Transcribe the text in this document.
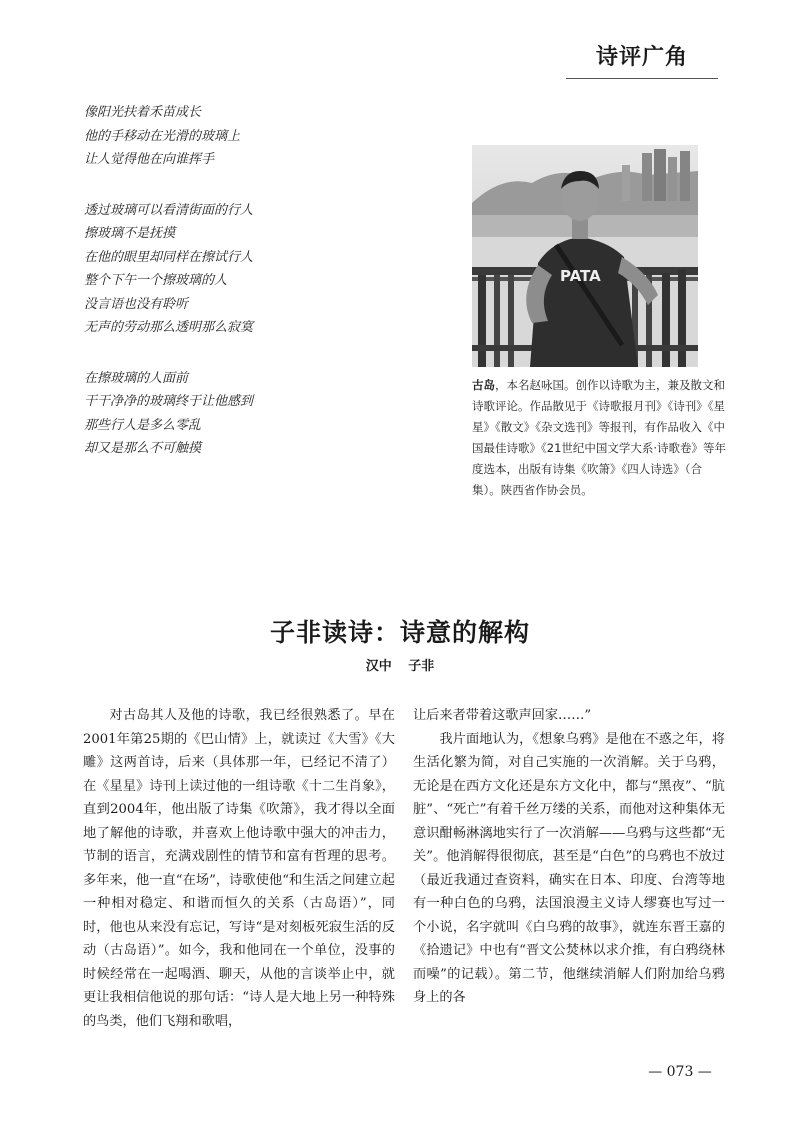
诗评广角
像阳光扶着禾苗成长
他的手移动在光滑的玻璃上
让人觉得他在向谁挥手
透过玻璃可以看清街面的行人
擦玻璃不是抚摸
在他的眼里却同样在擦试行人
整个下午一个擦玻璃的人
没言语也没有聆听
无声的劳动那么透明那么寂寞
在擦玻璃的人面前
干干净净的玻璃终于让他感到
那些行人是多么零乱
却又是那么不可触摸
PATA
古岛，本名赵咏国。创作以诗歌为主，兼及散文和诗歌评论。作品散见于《诗歌报月刊》《诗刊》《星星》《散文》《杂文选刊》等报刊，有作品收入《中国最佳诗歌》《21世纪中国文学大系·诗歌卷》等年度选本，出版有诗集《吹箫》《四人诗选》（合集）。陕西省作协会员。
子非读诗：诗意的解构
汉中 子非

对古岛其人及他的诗歌，我已经很熟悉了。早在2001年第25期的《巴山情》上，就读过《大雪》《大雕》这两首诗，后来（具体那一年，已经记不清了）在《星星》诗刊上读过他的一组诗歌《十二生肖象》，直到2004年，他出版了诗集《吹箫》，我才得以全面地了解他的诗歌，并喜欢上他诗歌中强大的冲击力，节制的语言，充满戏剧性的情节和富有哲理的思考。多年来，他一直“在场”，诗歌使他“和生活之间建立起一种相对稳定、和谐而恒久的关系（古岛语）”，同时，他也从来没有忘记，写诗“是对刻板死寂生活的反动（古岛语）”。如今，我和他同在一个单位，没事的时候经常在一起喝酒、聊天，从他的言谈举止中，就更让我相信他说的那句话：“诗人是大地上另一种特殊的鸟类，他们飞翔和歌唱，

让后来者带着这歌声回家……”

我片面地认为，《想象乌鸦》是他在不惑之年，将生活化繁为简，对自己实施的一次消解。关于乌鸦，无论是在西方文化还是东方文化中，都与“黑夜”、“肮脏”、“死亡”有着千丝万缕的关系，而他对这种集体无意识酣畅淋漓地实行了一次消解——乌鸦与这些都“无关”。他消解得很彻底，甚至是“白色”的乌鸦也不放过（最近我通过查资料，确实在日本、印度、台湾等地有一种白色的乌鸦，法国浪漫主义诗人缪赛也写过一个小说，名字就叫《白乌鸦的故事》，就连东晋王嘉的《拾遗记》中也有“晋文公焚林以求介推，有白鸦绕林而噪”的记载）。第二节，他继续消解人们附加给乌鸦身上的各

— 073 —
